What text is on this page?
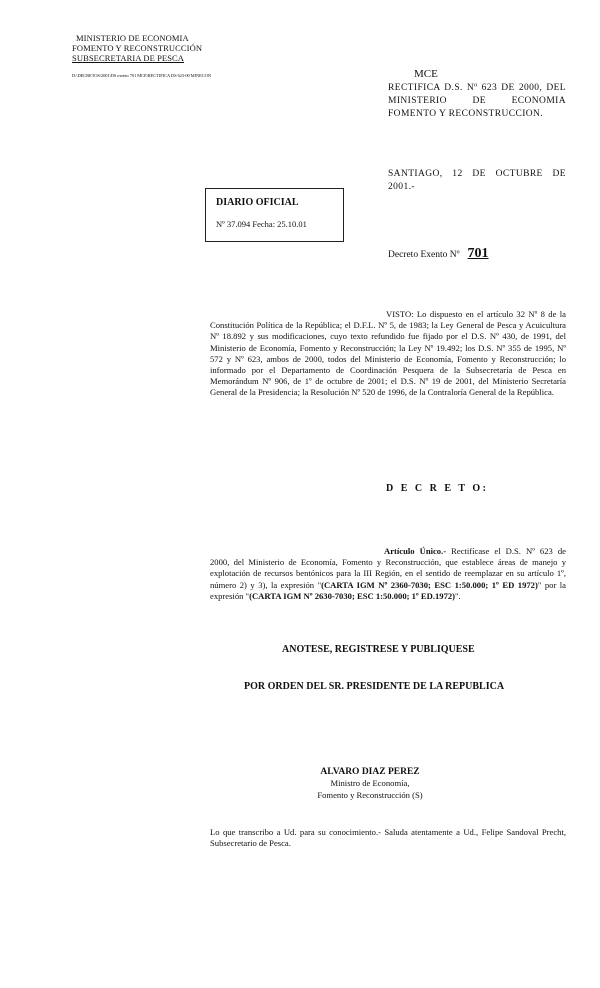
MINISTERIO DE ECONOMIA
FOMENTO Y RECONSTRUCCIÓN
SUBSECRETARIA DE PESCA
D:\DECRETOS\2001\DS exento 701 MCE\RECTIFICA DS 623-00 MINECON	MCE
RECTIFICA D.S. Nº 623 DE 2000, DEL MINISTERIO DE ECONOMIA FOMENTO Y RECONSTRUCCION.
SANTIAGO, 12 DE OCTUBRE DE 2001.-
DIARIO OFICIAL
Nº 37.094 Fecha: 25.10.01
Decreto Exento Nº 701
VISTO: Lo dispuesto en el artículo 32 Nº 8 de la Constitución Política de la República; el D.F.L. Nº 5, de 1983; la Ley General de Pesca y Acuicultura Nº 18.892 y sus modificaciones, cuyo texto refundido fue fijado por el D.S. Nº 430, de 1991, del Ministerio de Economía, Fomento y Reconstrucción; la Ley Nº 19.492; los D.S. Nº 355 de 1995, Nº 572 y Nº 623, ambos de 2000, todos del Ministerio de Economía, Fomento y Reconstrucción; lo informado por el Departamento de Coordinación Pesquera de la Subsecretaría de Pesca en Memorándum Nº 906, de 1º de octubre de 2001; el D.S. Nº 19 de 2001, del Ministerio Secretaría General de la Presidencia; la Resolución Nº 520 de 1996, de la Contraloría General de la República.
D E C R E T O:
Artículo Único.- Rectifícase el D.S. Nº 623 de 2000, del Ministerio de Economía, Fomento y Reconstrucción, que establece áreas de manejo y explotación de recursos bentónicos para la III Región, en el sentido de reemplazar en su artículo 1º, número 2) y 3), la expresión "(CARTA IGM Nº 2360-7030; ESC 1:50.000; 1º ED 1972)" por la expresión "(CARTA IGM Nº 2630-7030; ESC 1:50.000; 1º ED.1972)".
ANOTESE, REGISTRESE Y PUBLIQUESE
POR ORDEN DEL SR. PRESIDENTE DE LA REPUBLICA
ALVARO DIAZ PEREZ
Ministro de Economía,
Fomento y Reconstrucción (S)
Lo que transcribo a Ud. para su conocimiento.- Saluda atentamente a Ud., Felipe Sandoval Precht, Subsecretario de Pesca.
